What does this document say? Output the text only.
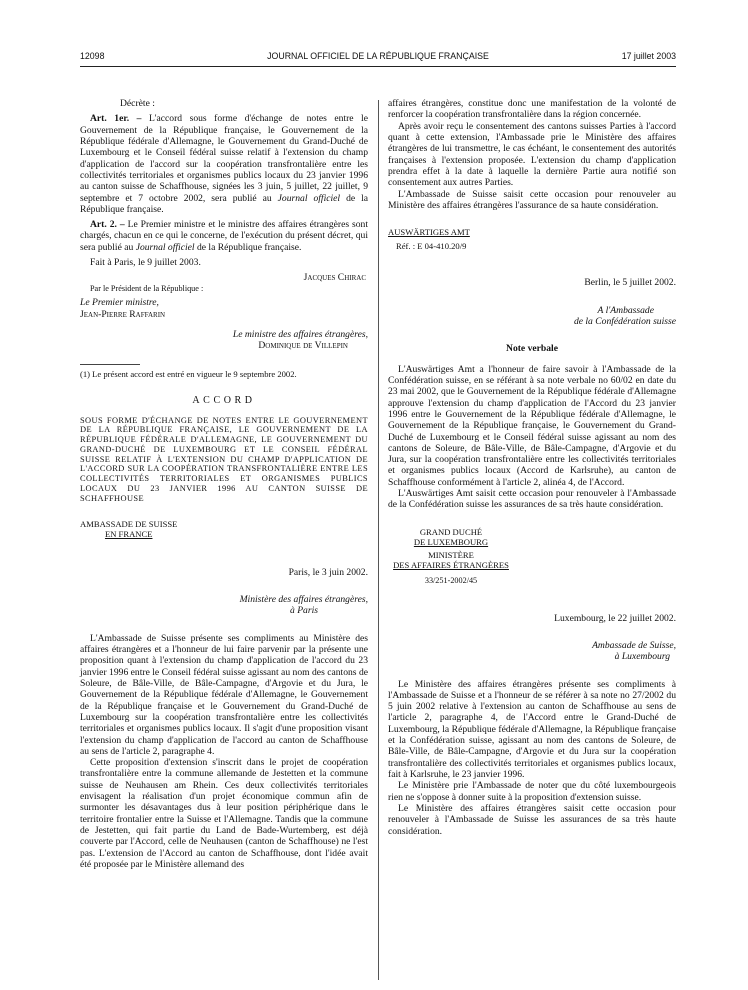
12098	JOURNAL OFFICIEL DE LA RÉPUBLIQUE FRANÇAISE	17 juillet 2003

Décrète :

Art. 1er. – L'accord sous forme d'échange de notes entre le Gouvernement de la République française, le Gouvernement de la République fédérale d'Allemagne, le Gouvernement du Grand-Duché de Luxembourg et le Conseil fédéral suisse relatif à l'extension du champ d'application de l'accord sur la coopération transfrontalière entre les collectivités territoriales et organismes publics locaux du 23 janvier 1996 au canton suisse de Schaffhouse, signées les 3 juin, 5 juillet, 22 juillet, 9 septembre et 7 octobre 2002, sera publié au Journal officiel de la République française.

Art. 2. – Le Premier ministre et le ministre des affaires étrangères sont chargés, chacun en ce qui le concerne, de l'exécution du présent décret, qui sera publié au Journal officiel de la République française.

Fait à Paris, le 9 juillet 2003.

Jacques Chirac

Par le Président de la République :

Le Premier ministre,

Jean-Pierre Raffarin

Le ministre des affaires étrangères,

Dominique de Villepin

(1) Le présent accord est entré en vigueur le 9 septembre 2002.

ACCORD

SOUS FORME D'ÉCHANGE DE NOTES ENTRE LE GOUVERNEMENT DE LA RÉPUBLIQUE FRANÇAISE, LE GOUVERNEMENT DE LA RÉPUBLIQUE FÉDÉRALE D'ALLEMAGNE, LE GOUVERNEMENT DU GRAND-DUCHÉ DE LUXEMBOURG ET LE CONSEIL FÉDÉRAL SUISSE RELATIF À L'EXTENSION DU CHAMP D'APPLICATION DE L'ACCORD SUR LA COOPÉRATION TRANSFRONTALIÈRE ENTRE LES COLLECTIVITÉS TERRITORIALES ET ORGANISMES PUBLICS LOCAUX DU 23 JANVIER 1996 AU CANTON SUISSE DE SCHAFFHOUSE

AMBASSADE DE SUISSE
EN FRANCE

Paris, le 3 juin 2002.

Ministère des affaires étrangères,

à Paris

L'Ambassade de Suisse présente ses compliments au Ministère des affaires étrangères et a l'honneur de lui faire parvenir par la présente une proposition quant à l'extension du champ d'application de l'accord du 23 janvier 1996 entre le Conseil fédéral suisse agissant au nom des cantons de Soleure, de Bâle-Ville, de Bâle-Campagne, d'Argovie et du Jura, le Gouvernement de la République fédérale d'Allemagne, le Gouvernement de la République française et le Gouvernement du Grand-Duché de Luxembourg sur la coopération transfrontalière entre les collectivités territoriales et organismes publics locaux. Il s'agit d'une proposition visant l'extension du champ d'application de l'accord au canton de Schaffhouse au sens de l'article 2, paragraphe 4.

Cette proposition d'extension s'inscrit dans le projet de coopération transfrontalière entre la commune allemande de Jestetten et la commune suisse de Neuhausen am Rhein. Ces deux collectivités territoriales envisagent la réalisation d'un projet économique commun afin de surmonter les désavantages dus à leur position périphérique dans le territoire frontalier entre la Suisse et l'Allemagne. Tandis que la commune de Jestetten, qui fait partie du Land de Bade-Wurtemberg, est déjà couverte par l'Accord, celle de Neuhausen (canton de Schaffhouse) ne l'est pas. L'extension de l'Accord au canton de Schaffhouse, dont l'idée avait été proposée par le Ministère allemand des

affaires étrangères, constitue donc une manifestation de la volonté de renforcer la coopération transfrontalière dans la région concernée.

Après avoir reçu le consentement des cantons suisses Parties à l'accord quant à cette extension, l'Ambassade prie le Ministère des affaires étrangères de lui transmettre, le cas échéant, le consentement des autorités françaises à l'extension proposée. L'extension du champ d'application prendra effet à la date à laquelle la dernière Partie aura notifié son consentement aux autres Parties.

L'Ambassade de Suisse saisit cette occasion pour renouveler au Ministère des affaires étrangères l'assurance de sa haute considération.

AUSWÄRTIGES AMT

Réf. : E 04-410.20/9

Berlin, le 5 juillet 2002.

A l'Ambassade

de la Confédération suisse

Note verbale

L'Auswärtiges Amt a l'honneur de faire savoir à l'Ambassade de la Confédération suisse, en se référant à sa note verbale no 60/02 en date du 23 mai 2002, que le Gouvernement de la République fédérale d'Allemagne approuve l'extension du champ d'application de l'Accord du 23 janvier 1996 entre le Gouvernement de la République fédérale d'Allemagne, le Gouvernement de la République française, le Gouvernement du Grand-Duché de Luxembourg et le Conseil fédéral suisse agissant au nom des cantons de Soleure, de Bâle-Ville, de Bâle-Campagne, d'Argovie et du Jura, sur la coopération transfrontalière entre les collectivités territoriales et organismes publics locaux (Accord de Karlsruhe), au canton de Schaffhouse conformément à l'article 2, alinéa 4, de l'Accord.

L'Auswärtiges Amt saisit cette occasion pour renouveler à l'Ambassade de la Confédération suisse les assurances de sa très haute considération.

GRAND DUCHÉ
DE LUXEMBOURG
MINISTÈRE
DES AFFAIRES ÉTRANGÈRES
33/251-2002/45

Luxembourg, le 22 juillet 2002.

Ambassade de Suisse,

à Luxembourg

Le Ministère des affaires étrangères présente ses compliments à l'Ambassade de Suisse et a l'honneur de se référer à sa note no 27/2002 du 5 juin 2002 relative à l'extension au canton de Schaffhouse au sens de l'article 2, paragraphe 4, de l'Accord entre le Grand-Duché de Luxembourg, la République fédérale d'Allemagne, la République française et la Confédération suisse, agissant au nom des cantons de Soleure, de Bâle-Ville, de Bâle-Campagne, d'Argovie et du Jura sur la coopération transfrontalière des collectivités territoriales et organismes publics locaux, fait à Karlsruhe, le 23 janvier 1996.

Le Ministère prie l'Ambassade de noter que du côté luxembourgeois rien ne s'oppose à donner suite à la proposition d'extension suisse.

Le Ministère des affaires étrangères saisit cette occasion pour renouveler à l'Ambassade de Suisse les assurances de sa très haute considération.
